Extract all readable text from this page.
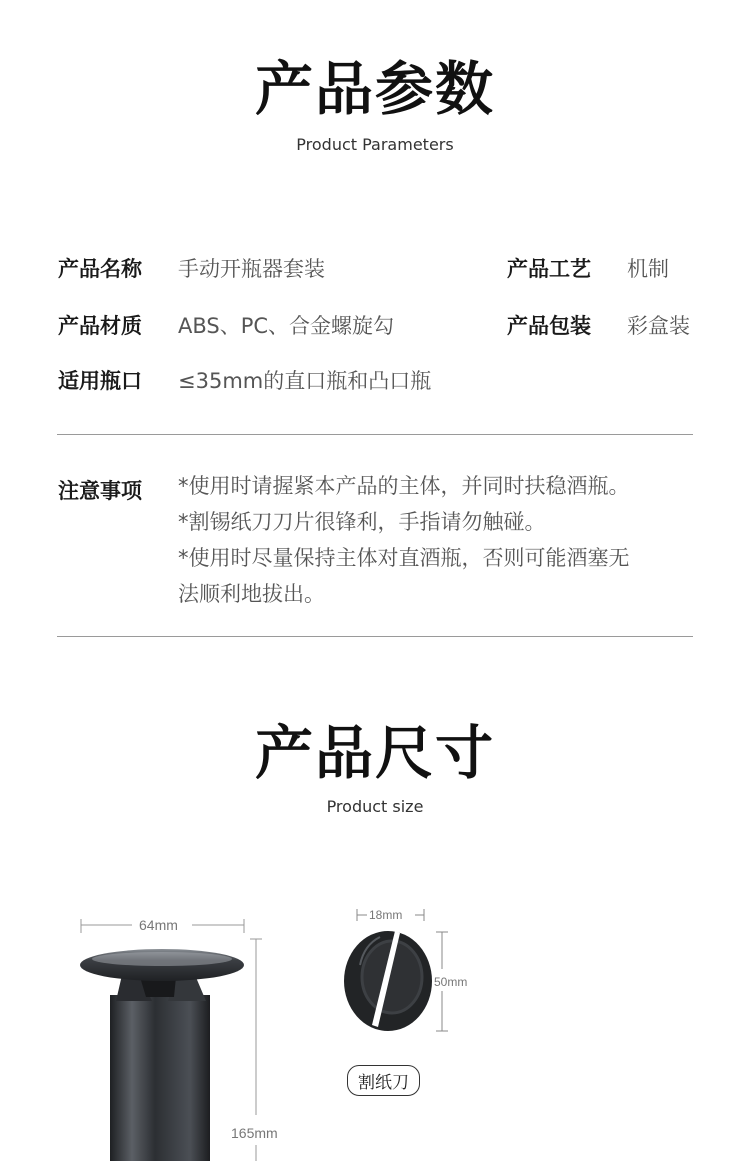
产品参数
Product Parameters
产品名称 手动开瓶器套装	产品工艺 机制
产品材质 ABS、PC、合金螺旋勾	产品包装 彩盒装
适用瓶口 ≤35mm的直口瓶和凸口瓶
注意事项 *使用时请握紧本产品的主体，并同时扶稳酒瓶。
*割锡纸刀刀片很锋利，手指请勿触碰。
*使用时尽量保持主体对直酒瓶，否则可能酒塞无
法顺利地拔出。
产品尺寸
Product size
64mm
165mm
18mm
50mm
割纸刀
